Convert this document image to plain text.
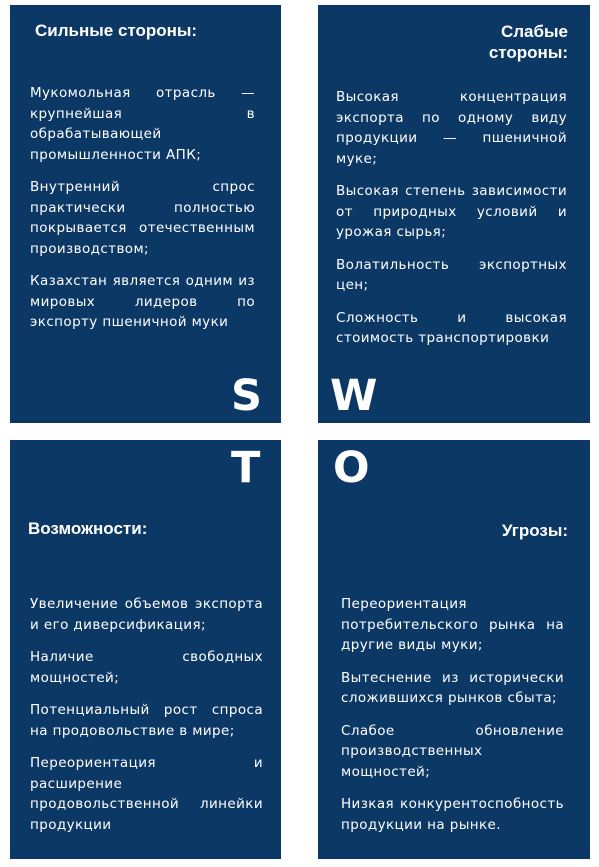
Сильные стороны:

Мукомольная отрасль — крупнейшая в обрабатывающей промышленности АПК;

Внутренний спрос практически полностью покрывается отечественным производством;

Казахстан является одним из мировых лидеров по экспорту пшеничной муки

S
Слабые стороны:

Высокая концентрация экспорта по одному виду продукции — пшеничной муке;

Высокая степень зависимости от природных условий и урожая сырья;

Волатильность экспортных цен;

Сложность и высокая стоимость транспортировки

W
T
Возможности:

Увеличение объемов экспорта и его диверсификация;

Наличие свободных мощностей;

Потенциальный рост спроса на продовольствие в мире;

Переориентация и расширение продовольственной линейки продукции

O
Угрозы:

Переориентация потребительского рынка на другие виды муки;

Вытеснение из исторически сложившихся рынков сбыта;

Слабое обновление производственных мощностей;

Низкая конкурентоспобность продукции на рынке.
